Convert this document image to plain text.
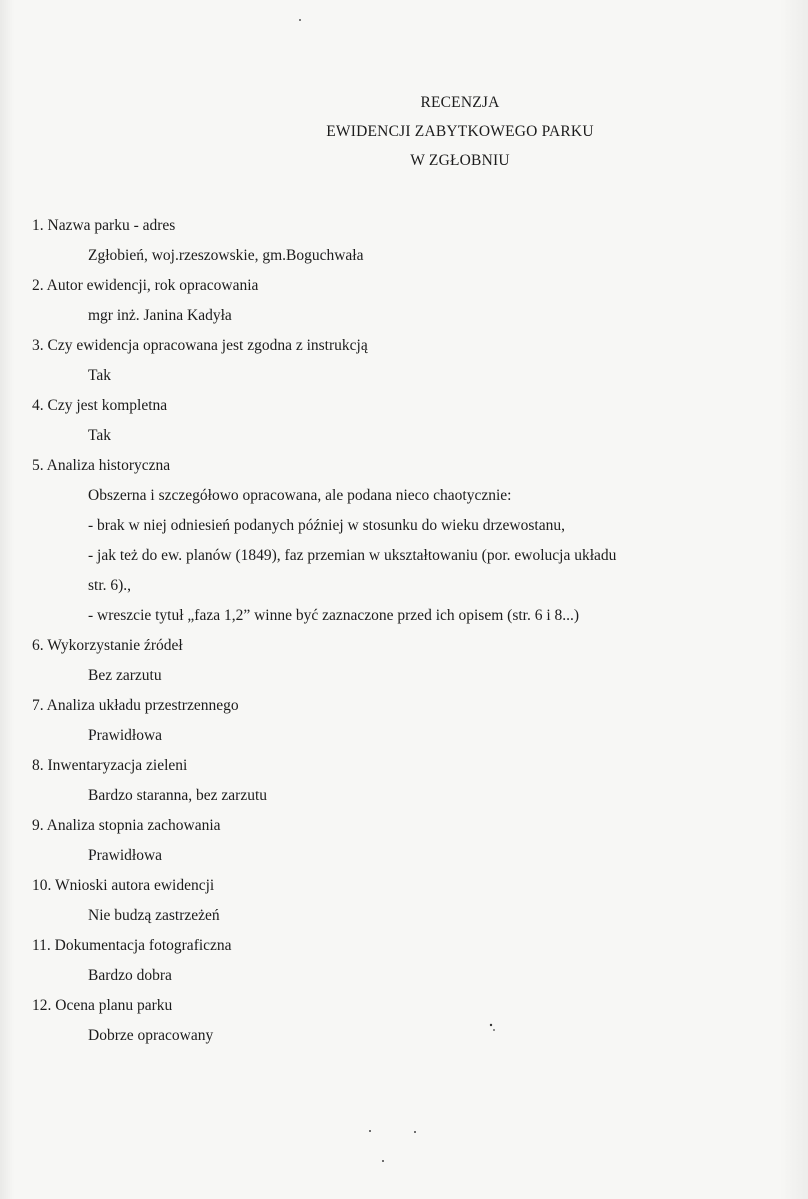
RECENZJA
EWIDENCJI ZABYTKOWEGO PARKU
W ZGŁOBNIU
1. Nazwa parku - adres
Zgłobień, woj.rzeszowskie, gm.Boguchwała
2. Autor ewidencji, rok opracowania
mgr inż. Janina Kadyła
3. Czy ewidencja opracowana jest zgodna z instrukcją
Tak
4. Czy jest kompletna
Tak
5. Analiza historyczna
Obszerna i szczegółowo opracowana, ale podana nieco chaotycznie:
- brak w niej odniesień podanych później w stosunku do wieku drzewostanu,
- jak też do ew. planów (1849), faz przemian w ukształtowaniu (por. ewolucja układu
str. 6).,
- wreszcie tytuł „faza 1,2” winne być zaznaczone przed ich opisem (str. 6 i 8...)
6. Wykorzystanie źródeł
Bez zarzutu
7. Analiza układu przestrzennego
Prawidłowa
8. Inwentaryzacja zieleni
Bardzo staranna, bez zarzutu
9. Analiza stopnia zachowania
Prawidłowa
10. Wnioski autora ewidencji
Nie budzą zastrzeżeń
11. Dokumentacja fotograficzna
Bardzo dobra
12. Ocena planu parku
Dobrze opracowany
